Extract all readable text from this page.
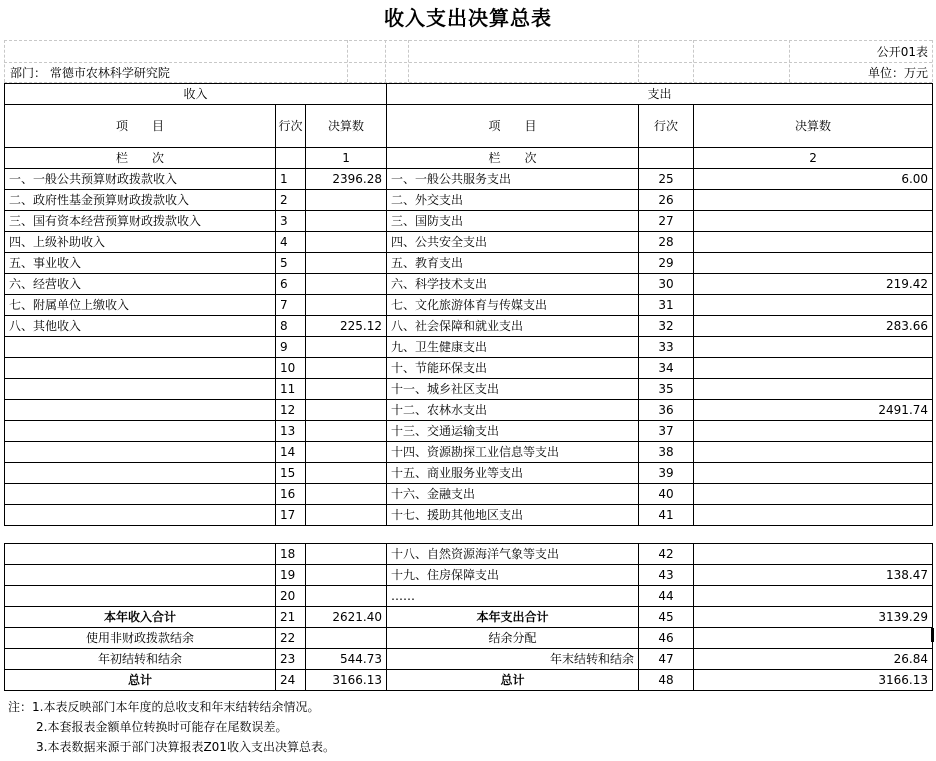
收入支出决算总表
公开01表
部门： 常德市农林科学研究院	单位：万元
收入			支出		
项　　目	行次	决算数	项　　目	行次	决算数
栏　　次		1	栏　　次		2
一、一般公共预算财政拨款收入	1	2396.28	一、一般公共服务支出	25	6.00
二、政府性基金预算财政拨款收入	2		二、外交支出	26	
三、国有资本经营预算财政拨款收入	3		三、国防支出	27	
四、上级补助收入	4		四、公共安全支出	28	
五、事业收入	5		五、教育支出	29	
六、经营收入	6		六、科学技术支出	30	219.42
七、附属单位上缴收入	7		七、文化旅游体育与传媒支出	31	
八、其他收入	8	225.12	八、社会保障和就业支出	32	283.66
	9		九、卫生健康支出	33	
	10		十、节能环保支出	34	
	11		十一、城乡社区支出	35	
	12		十二、农林水支出	36	2491.74
	13		十三、交通运输支出	37	
	14		十四、资源勘探工业信息等支出	38	
	15		十五、商业服务业等支出	39	
	16		十六、金融支出	40	
	17		十七、援助其他地区支出	41	
	18		十八、自然资源海洋气象等支出	42	
	19		十九、住房保障支出	43	138.47
	20		……	44	
本年收入合计	21	2621.40	本年支出合计	45	3139.29
使用非财政拨款结余	22		结余分配	46	
年初结转和结余	23	544.73	年末结转和结余	47	26.84
总计	24	3166.13	总计	48	3166.13
注：1.本表反映部门本年度的总收支和年末结转结余情况。
2.本套报表金额单位转换时可能存在尾数误差。
3.本表数据来源于部门决算报表Z01收入支出决算总表。
